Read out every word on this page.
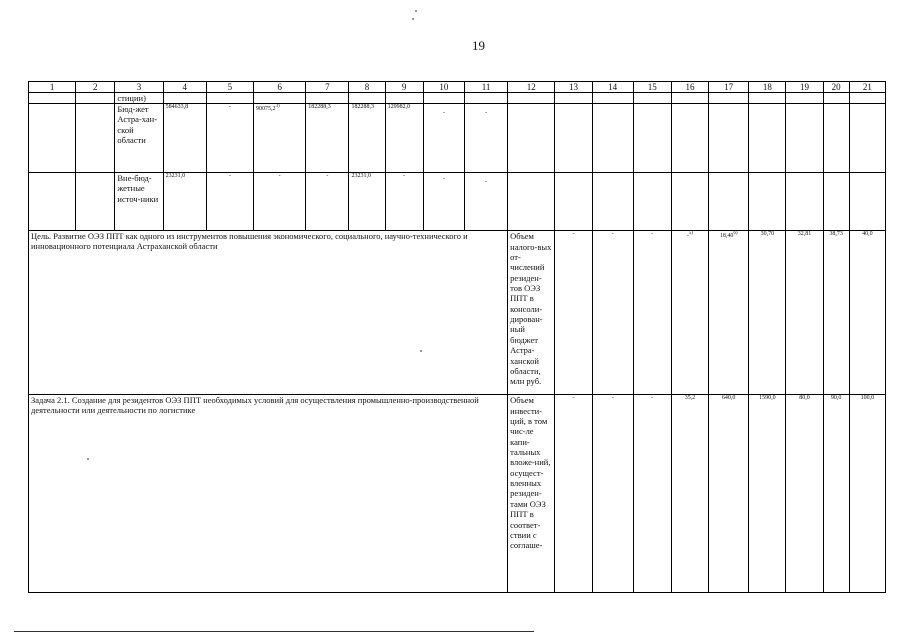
19
1	2	3	4	5	6	7	8	9	10	11	12	13	14	15	16	17	18	19	20	21
		стиции)																		
		Бюд-жет Астра-хан-ской области	584633,8	-	90075,2$^{3)}$	182288,3	182288,3	129982,0	-	-										
		Вне-бюд-жетные источ-ники	23231,0	-	-	-	23231,0	-	-	-										
Цель. Развитие ОЭЗ ППТ как одного из инструментов повышения экономического, социального, научно-технического и инновационного потенциала Астраханской области											Объем налого-вых от-числений резиден-тов ОЭЗ ППТ в консоли-дирован-ный бюджет Астра-ханской области, млн руб.	-	-	-	-$^{5)}$	18,40$^{6)}$	30,70	32,81	38,73	40,0
Задача 2.1. Создание для резидентов ОЭЗ ППТ необходимых условий для осуществления промышленно-производственной деятельности или деятельности по логистике											Объем инвести-ций, в том чис-ле капи-тальных вложе-ний, осущест-вленных резиден-тами ОЭЗ ППТ в соответ-ствии с соглаше-	-	-	-	35,2	640,0	1590,0	80,0	90,0	100,0
